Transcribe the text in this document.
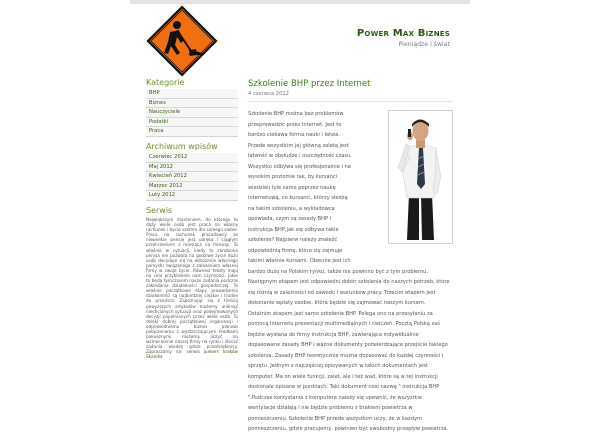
Power Max Biznes
Pieniądze i świat
Kategorie
BHP
Biznes
Nauczyciele
Podatki
Praca
Archiwum wpisów
Czerwiec 2012
Maj 2012
Kwiecień 2012
Marzec 2012
Luty 2012
Serwis

Największym marzeniem, do którego to dąży wiele osób jest praca na własny rachunek i bycie szefem dla samego siebie. Praca na rachunek pracodawcy ze niewielkie pensję jest udręka i ciągłym przeliczeniem z miesiąca na miesiąc. To właśnie w sytuacji, kiedy to zarobiona pensja nie pozwala na godziwe życie dużo osób decyduje się na wdrożenie własnego pomysłu związanego z założeniem własnej firmy w swoje życie. Również teksty mają na celu przybliżenie nam czynności, jakie to będą tymczasem nasze zadania podczas zakładania działalności gospodarczej. To właśnie początkowe etapy prowadzenia działalności są najbardziej ciężkie i trudne do przejścia. Zapoznając się z treścią powyższych artykułów możemy uniknąć niechcianych sytuacji oraz podejmowanych decyzji popełnianych przez wiele osób. To dzięki dobrej początkowej organizacji i odpowiedniemu biznes planowi połączonemu z wystarczającymi środkami pieniężnymi możemy liczyć na wzmocnienie naszej firmy na rynku i zlecać zadania wiedzę gdzie przedsiębiorcy. Zapraszamy na: serwis junkers kraków Skandia

Szkolenie BHP przez Internet
4 czerwca 2012
Szkolenie BHP można bez problemów
przeprowadzić przez Internet. Jest to
bardzo ciekawa forma nauki i łatwa.
Przede wszystkim jej główną zaletą jest
łatwość w obsłudze i oszczędność czasu.
Wszystko odbywa się profesjonalnie i na
wysokim poziomie tak, by kursanci
wiedzieli tyle samo poprzez naukę
internetową, co kursanci, którzy siedzą
na takim szkoleniu, a wykładowca
opowiada, czym są zasady BHP i
instrukcja BHP,jak się odbywa takie
szkolenie? Najpierw należy znaleźć
odpowiednią firmę, która się zajmuje
takimi właśnie kursami. Obecnie jest ich
bardzo dużo na Polskim rynku, także nie powinno być z tym problemu.
Następnym etapem jest odpowiedni dobór szkolenia do naszych potrzeb, które
się różnią w zależności od zawodu i warunków pracy. Trzecim etapem jest
dokonanie wpłaty osobie, która będzie się zajmować naszym kursem.
Ostatnim etapem jest samo szkolenie BHP. Polega ono na przesyłaniu za
pomocą Internetu prezentacji multimedialnych i ćwiczeń. Pocztą Polską zaś
będzie wysłana do firmy instrukcja BHP, zawierająca indywidualnie
dopasowane zasady BHP i ważne dokumenty potwierdzające przejście takiego
szkolenia. Zasady BHP teoretycznie można dopasować do każdej czynności i
sprzętu. Jednym z najczęściej opisywanych w takich dokumentach jest
komputer. Ma on wiele funkcji, zalet, ale i też wad, które są w tej instrukcji
doskonale opisane w punktach. Taki dokument nosi nazwę " instrukcja BHP
".Podczas korzystania z komputera należy się upewnić, że wszystkie
wentylacje działają i nie będzie problemu z brakiem powietrza w
pomieszczeniu. Szkolenie BHP przede wszystkim uczy, że w każdym
pomieszczeniu, gdzie pracujemy, powinien być swobodny przepływ powietrza.
